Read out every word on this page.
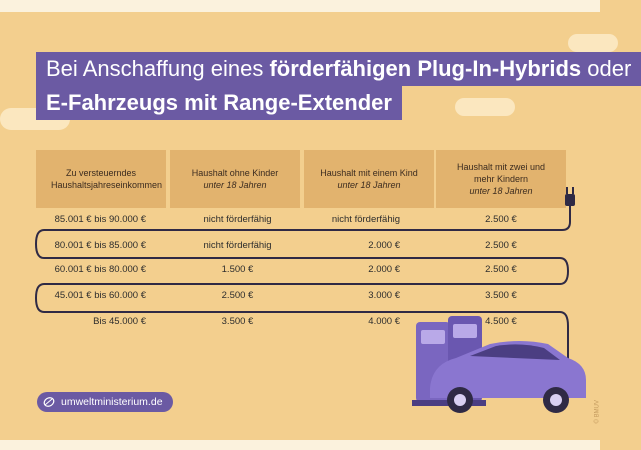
Bei Anschaffung eines förderfähigen Plug-In-Hybrids oder
E-Fahrzeugs mit Range-Extender
Zu versteuerndes Haushaltsjahreseinkommen
Haushalt ohne Kinder
unter 18 Jahren
Haushalt mit einem Kind
unter 18 Jahren
Haushalt mit zwei und mehr Kindern
unter 18 Jahren
85.001 € bis 90.000 €	nicht förderfähig	nicht förderfähig	2.500 €
80.001 € bis 85.000 €	nicht förderfähig	2.000 €	2.500 €
60.001 € bis 80.000 €	1.500 €	2.000 €	2.500 €
45.001 € bis 60.000 €	2.500 €	3.000 €	3.500 €
Bis 45.000 €	3.500 €	4.000 €	4.500 €
umweltministerium.de	© BMUV
